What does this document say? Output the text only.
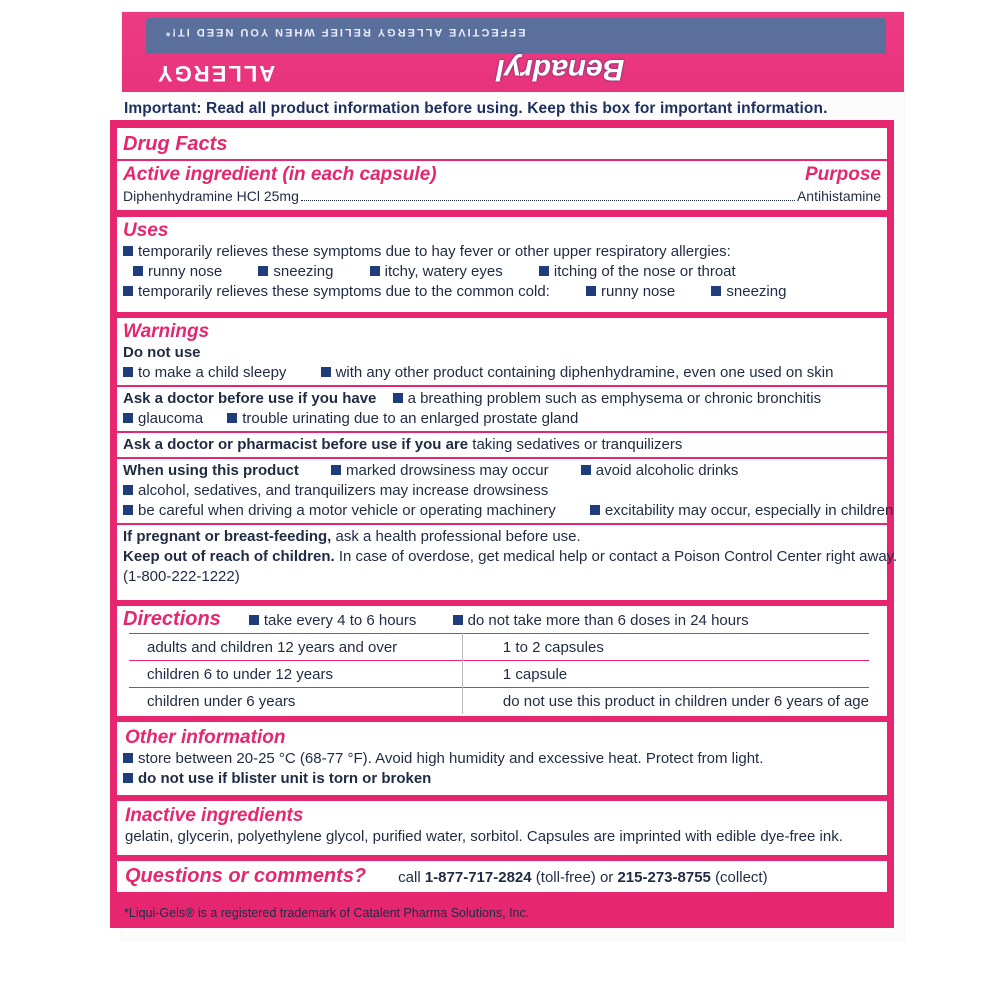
EFFECTIVE ALLERGY RELIEF WHEN YOU NEED IT!*
Benadryl
ALLERGY
Important: Read all product information before using. Keep this box for important information.
Drug Facts
Active ingredient (in each capsule)	Purpose
Diphenhydramine HCl 25mg	Antihistamine
Uses
temporarily relieves these symptoms due to hay fever or other upper respiratory allergies:
runny nose	sneezing	itchy, watery eyes	itching of the nose or throat
temporarily relieves these symptoms due to the common cold:	runny nose	sneezing
Warnings
Do not use
to make a child sleepy	with any other product containing diphenhydramine, even one used on skin
Ask a doctor before use if you have a breathing problem such as emphysema or chronic bronchitis
glaucoma	trouble urinating due to an enlarged prostate gland
Ask a doctor or pharmacist before use if you are taking sedatives or tranquilizers
When using this product	marked drowsiness may occur	avoid alcoholic drinks
alcohol, sedatives, and tranquilizers may increase drowsiness
be careful when driving a motor vehicle or operating machinery	excitability may occur, especially in children
If pregnant or breast-feeding, ask a health professional before use.
Keep out of reach of children. In case of overdose, get medical help or contact a Poison Control Center right away.
(1-800-222-1222)
Directions	take every 4 to 6 hours	do not take more than 6 doses in 24 hours
adults and children 12 years and over	1 to 2 capsules
children 6 to under 12 years	1 capsule
children under 6 years	do not use this product in children under 6 years of age
Other information
store between 20-25 °C (68-77 °F). Avoid high humidity and excessive heat. Protect from light.
do not use if blister unit is torn or broken
Inactive ingredients
gelatin, glycerin, polyethylene glycol, purified water, sorbitol. Capsules are imprinted with edible dye-free ink.
Questions or comments? call 1-877-717-2824 (toll-free) or 215-273-8755 (collect)
*Liqui-Gels® is a registered trademark of Catalent Pharma Solutions, Inc.
